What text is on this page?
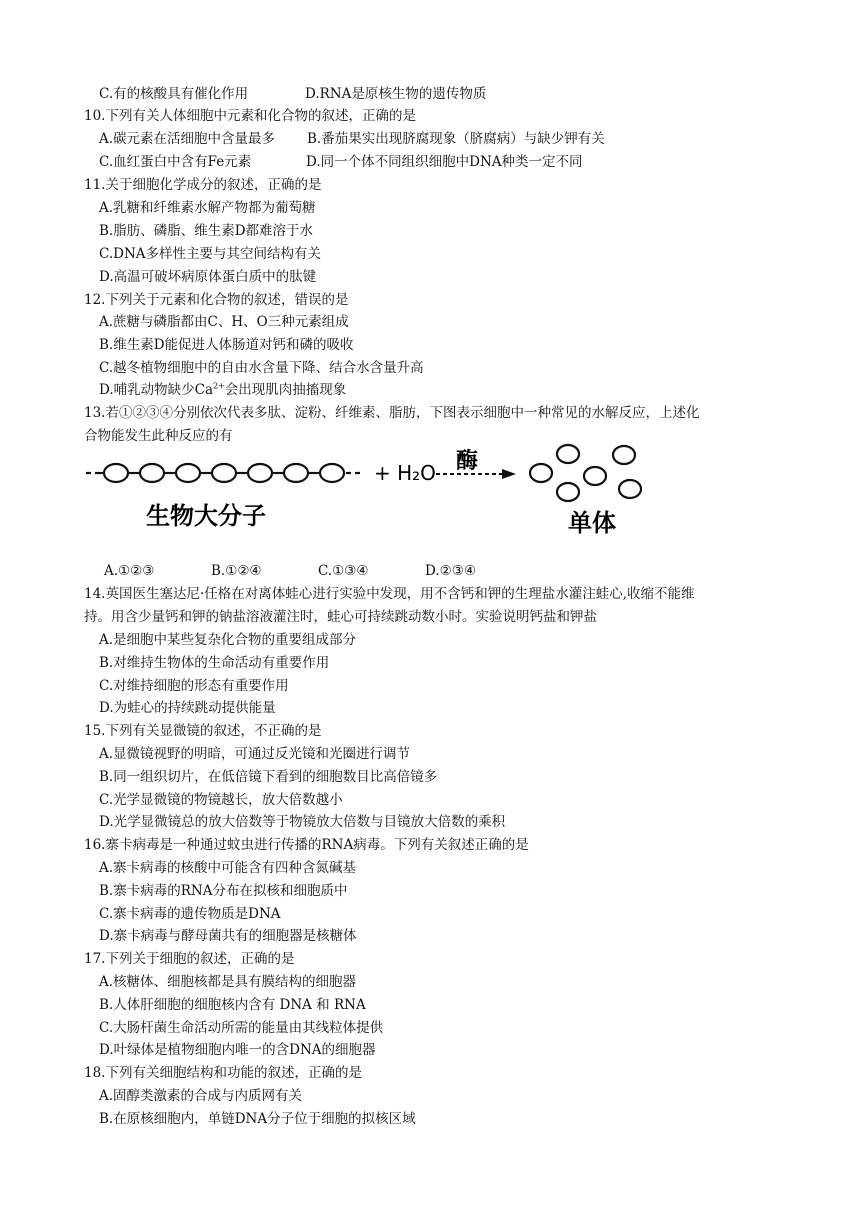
C.有的核酸具有催化作用	D.RNA是原核生物的遗传物质
10.下列有关人体细胞中元素和化合物的叙述，正确的是
A.碳元素在活细胞中含量最多 B.番茄果实出现脐腐现象（脐腐病）与缺少钾有关
C.血红蛋白中含有Fe元素	D.同一个体不同组织细胞中DNA种类一定不同
11.关于细胞化学成分的叙述，正确的是
A.乳糖和纤维素水解产物都为葡萄糖
B.脂肪、磷脂、维生素D都难溶于水
C.DNA多样性主要与其空间结构有关
D.高温可破坏病原体蛋白质中的肽键
12.下列关于元素和化合物的叙述，错误的是
A.蔗糖与磷脂都由C、H、O三种元素组成
B.维生素D能促进人体肠道对钙和磷的吸收
C.越冬植物细胞中的自由水含量下降、结合水含量升高
D.哺乳动物缺少$Ca^{2+}$会出现肌肉抽搐现象
13.若①②③④分别依次代表多肽、淀粉、纤维素、脂肪，下图表示细胞中一种常见的水解反应，上述化
合物能发生此种反应的有
+ H₂O 酶
生物大分子	单体
A.①②③	B.①②④	C.①③④	D.②③④
14.英国医生塞达尼·任格在对离体蛙心进行实验中发现，用不含钙和钾的生理盐水灌注蛙心,收缩不能维
持。用含少量钙和钾的钠盐溶液灌注时，蛙心可持续跳动数小时。实验说明钙盐和钾盐
A.是细胞中某些复杂化合物的重要组成部分
B.对维持生物体的生命活动有重要作用
C.对维持细胞的形态有重要作用
D.为蛙心的持续跳动提供能量
15.下列有关显微镜的叙述，不正确的是
A.显微镜视野的明暗，可通过反光镜和光圈进行调节
B.同一组织切片，在低倍镜下看到的细胞数目比高倍镜多
C.光学显微镜的物镜越长，放大倍数越小
D.光学显微镜总的放大倍数等于物镜放大倍数与目镜放大倍数的乘积
16.寨卡病毒是一种通过蚊虫进行传播的RNA病毒。下列有关叙述正确的是
A.寨卡病毒的核酸中可能含有四种含氮碱基
B.寨卡病毒的RNA分布在拟核和细胞质中
C.寨卡病毒的遗传物质是DNA
D.寨卡病毒与酵母菌共有的细胞器是核糖体
17.下列关于细胞的叙述，正确的是
A.核糖体、细胞核都是具有膜结构的细胞器
B.人体肝细胞的细胞核内含有 DNA 和 RNA
C.大肠杆菌生命活动所需的能量由其线粒体提供
D.叶绿体是植物细胞内唯一的含DNA的细胞器
18.下列有关细胞结构和功能的叙述，正确的是
A.固醇类激素的合成与内质网有关
B.在原核细胞内，单链DNA分子位于细胞的拟核区域
